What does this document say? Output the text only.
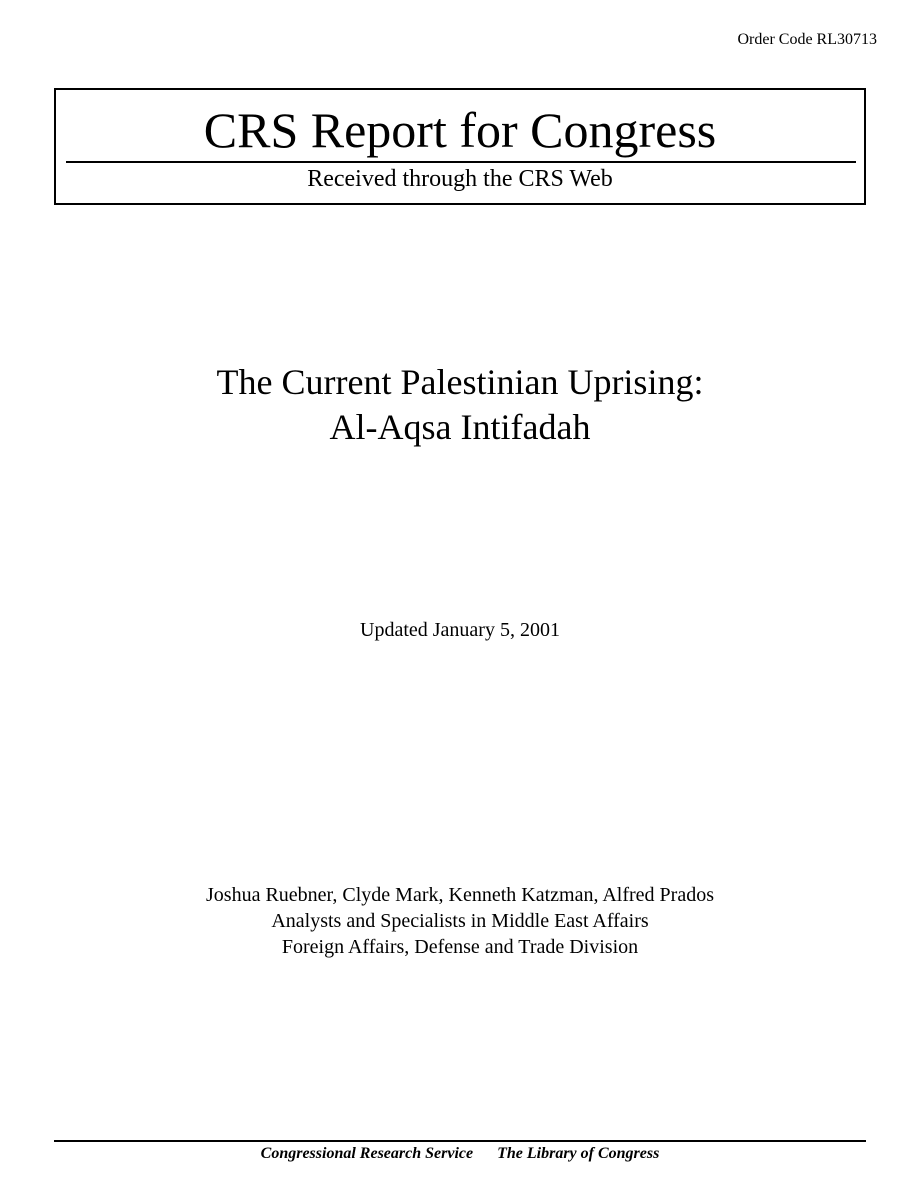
Order Code RL30713
CRS Report for Congress
Received through the CRS Web
The Current Palestinian Uprising:
Al-Aqsa Intifadah
Updated January 5, 2001
Joshua Ruebner, Clyde Mark, Kenneth Katzman, Alfred Prados
Analysts and Specialists in Middle East Affairs
Foreign Affairs, Defense and Trade Division
Congressional Research Service The Library of Congress
